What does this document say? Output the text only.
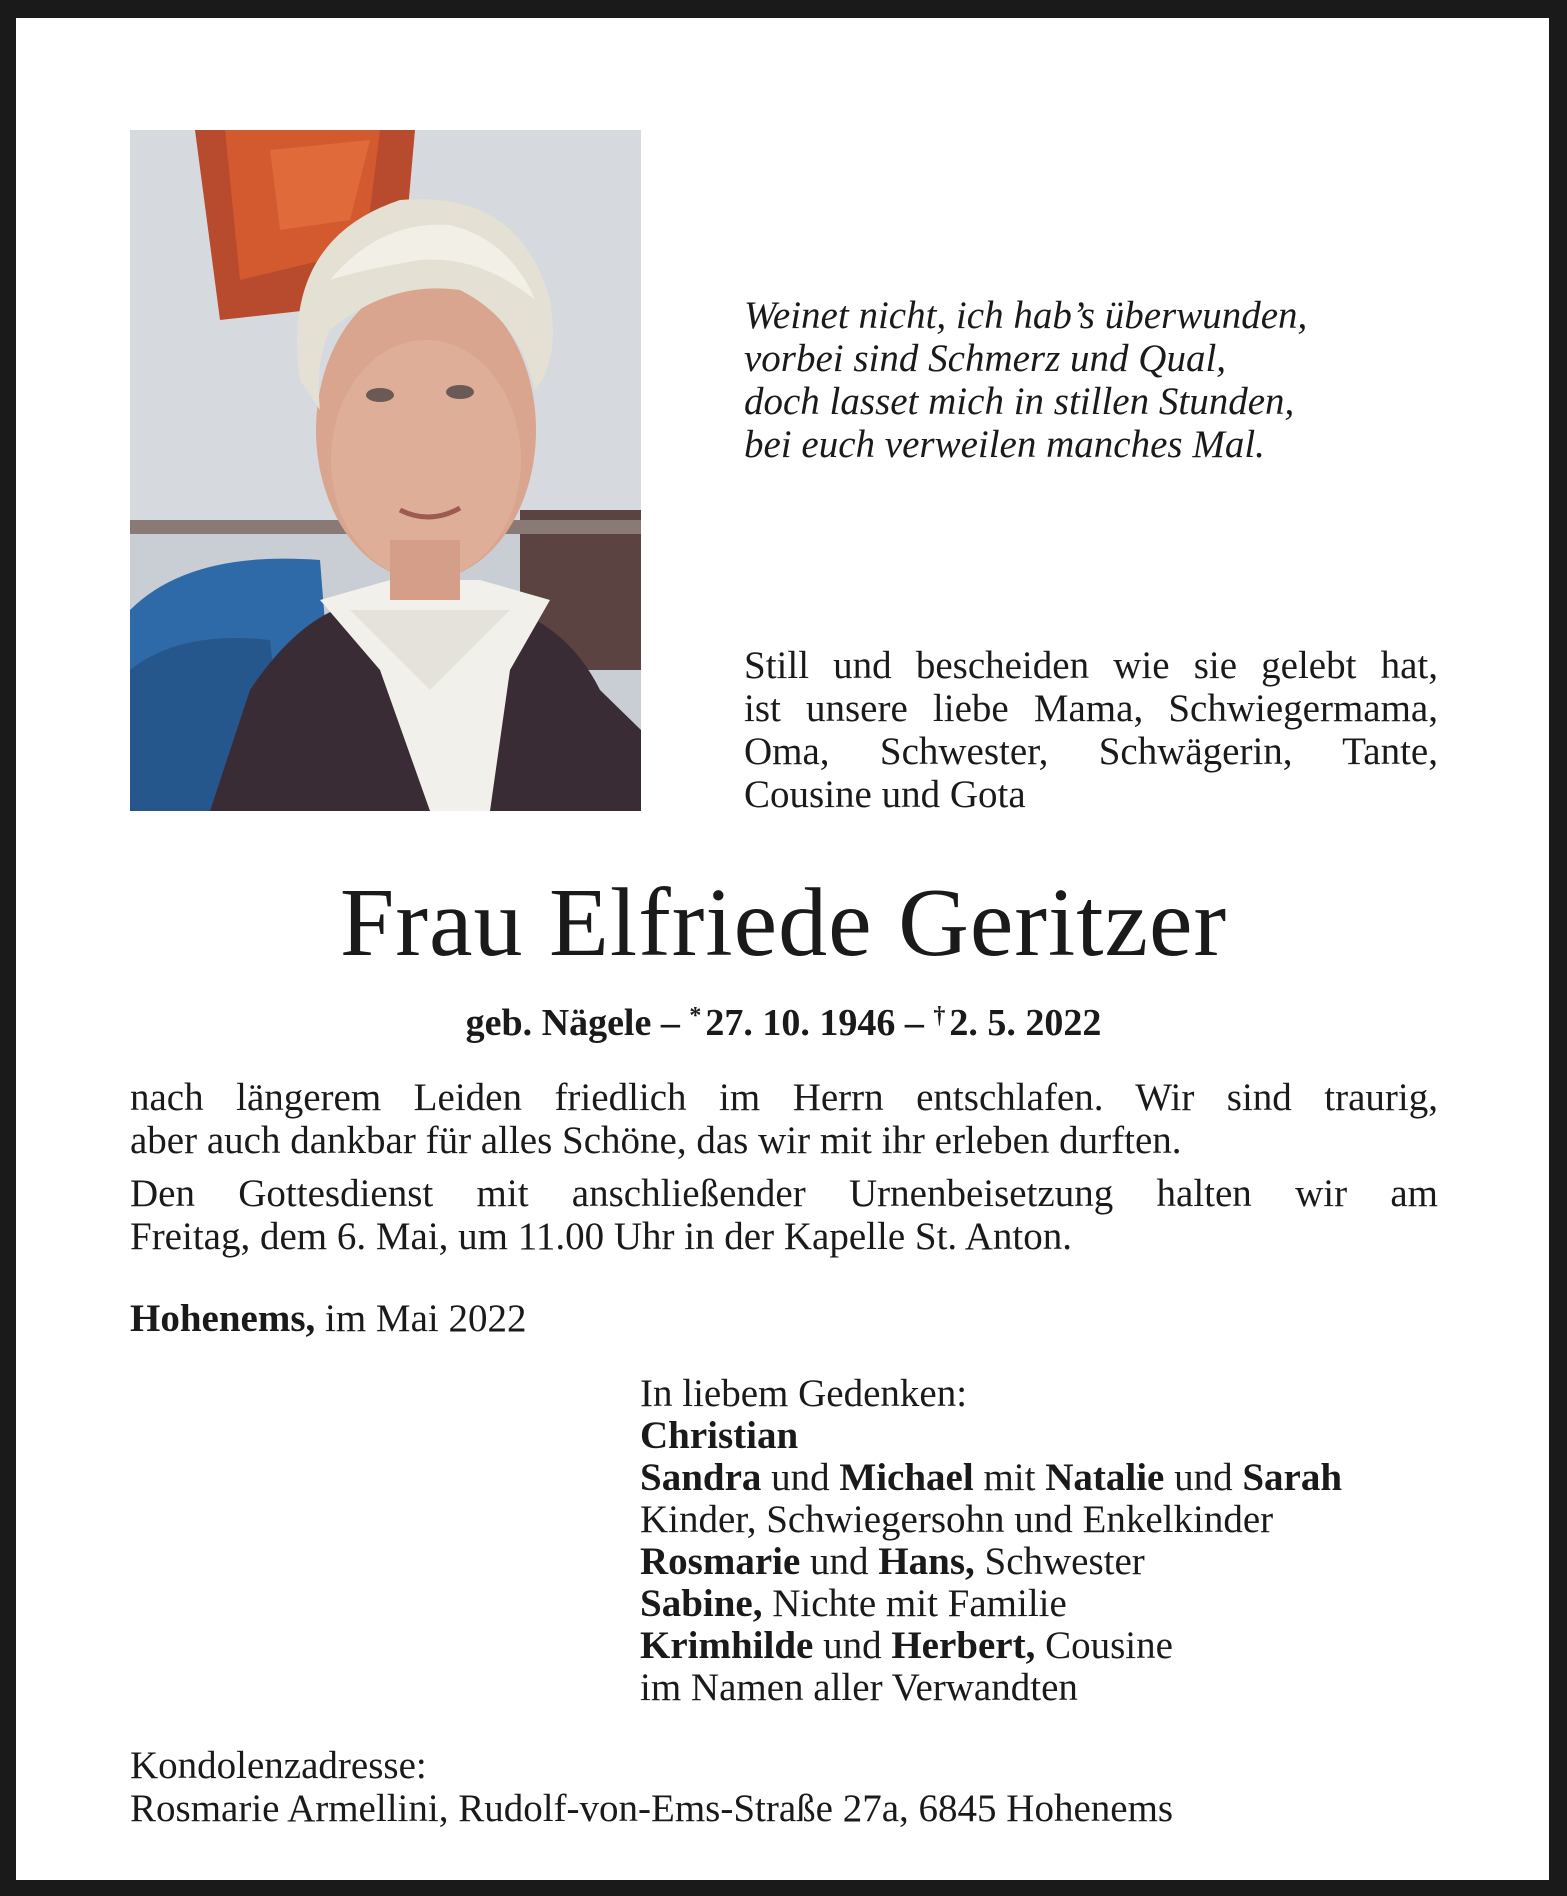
Weinet nicht, ich hab’s überwunden,
vorbei sind Schmerz und Qual,
doch lasset mich in stillen Stunden,
bei euch verweilen manches Mal.
Still und bescheiden wie sie gelebt hat,
ist unsere liebe Mama, Schwiegermama,
Oma, Schwester, Schwägerin, Tante,
Cousine und Gota
Frau Elfriede Geritzer
geb. Nägele – * 27. 10. 1946 – † 2. 5. 2022
nach längerem Leiden friedlich im Herrn entschlafen. Wir sind traurig,
aber auch dankbar für alles Schöne, das wir mit ihr erleben durften.
Den Gottesdienst mit anschließender Urnenbeisetzung halten wir am
Freitag, dem 6. Mai, um 11.00 Uhr in der Kapelle St. Anton.
Hohenems, im Mai 2022
In liebem Gedenken:
Christian
Sandra und Michael mit Natalie und Sarah
Kinder, Schwiegersohn und Enkelkinder
Rosmarie und Hans, Schwester
Sabine, Nichte mit Familie
Krimhilde und Herbert, Cousine
im Namen aller Verwandten
Kondolenzadresse:
Rosmarie Armellini, Rudolf-von-Ems-Straße 27a, 6845 Hohenems
